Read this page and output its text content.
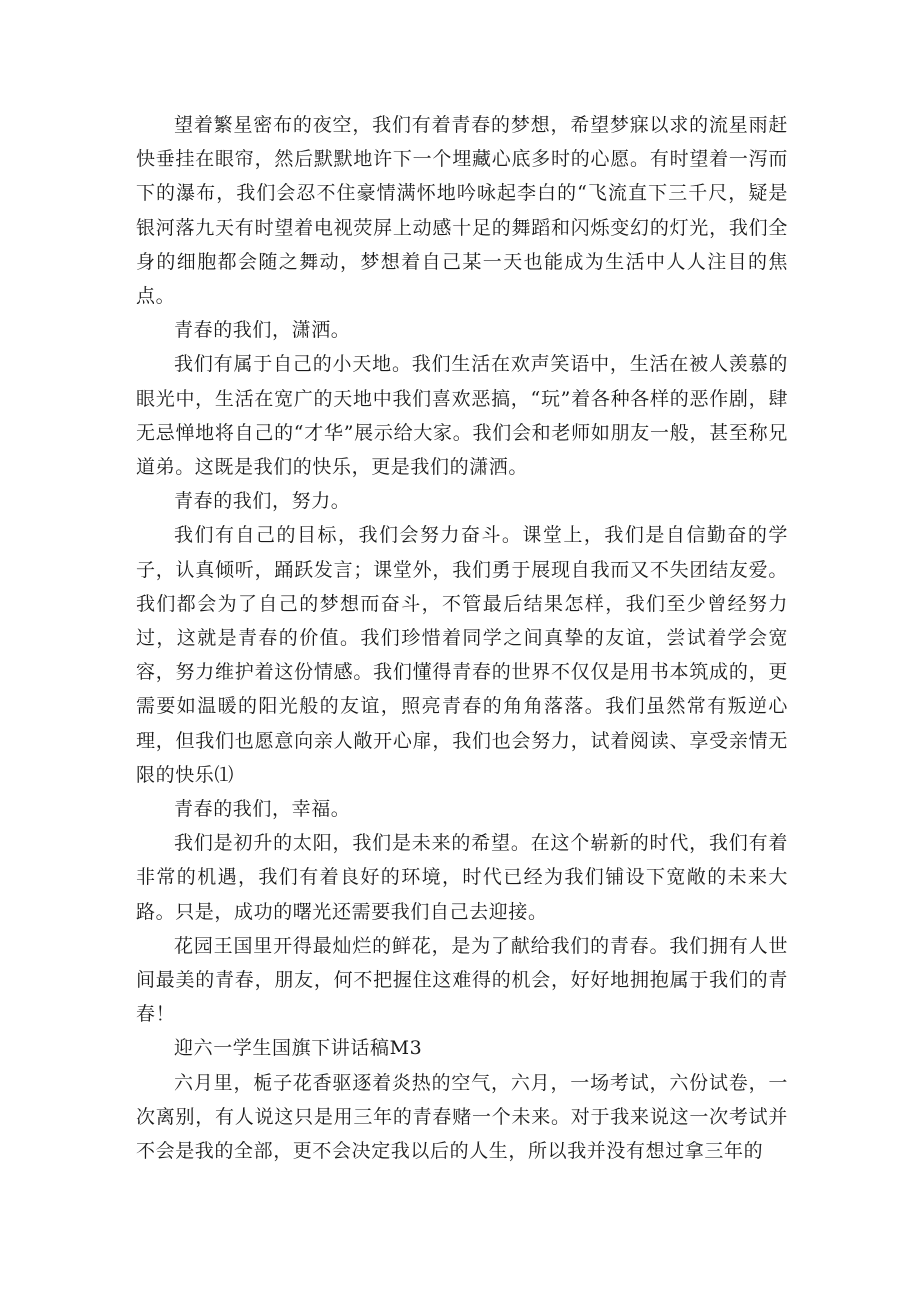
望着繁星密布的夜空，我们有着青春的梦想，希望梦寐以求的流星雨赶快垂挂在眼帘，然后默默地许下一个埋藏心底多时的心愿。有时望着一泻而下的瀑布，我们会忍不住豪情满怀地吟咏起李白的“飞流直下三千尺，疑是银河落九天有时望着电视荧屏上动感十足的舞蹈和闪烁变幻的灯光，我们全身的细胞都会随之舞动，梦想着自己某一天也能成为生活中人人注目的焦点。

青春的我们，潇洒。

我们有属于自己的小天地。我们生活在欢声笑语中，生活在被人羡慕的眼光中，生活在宽广的天地中我们喜欢恶搞，“玩”着各种各样的恶作剧，肆无忌惮地将自己的“才华”展示给大家。我们会和老师如朋友一般，甚至称兄道弟。这既是我们的快乐，更是我们的潇洒。

青春的我们，努力。

我们有自己的目标，我们会努力奋斗。课堂上，我们是自信勤奋的学子，认真倾听，踊跃发言；课堂外，我们勇于展现自我而又不失团结友爱。我们都会为了自己的梦想而奋斗，不管最后结果怎样，我们至少曾经努力过，这就是青春的价值。我们珍惜着同学之间真挚的友谊，尝试着学会宽容，努力维护着这份情感。我们懂得青春的世界不仅仅是用书本筑成的，更需要如温暖的阳光般的友谊，照亮青春的角角落落。我们虽然常有叛逆心理，但我们也愿意向亲人敞开心扉，我们也会努力，试着阅读、享受亲情无限的快乐⑴

青春的我们，幸福。

我们是初升的太阳，我们是未来的希望。在这个崭新的时代，我们有着非常的机遇，我们有着良好的环境，时代已经为我们铺设下宽敞的未来大路。只是，成功的曙光还需要我们自己去迎接。

花园王国里开得最灿烂的鲜花，是为了献给我们的青春。我们拥有人世间最美的青春，朋友，何不把握住这难得的机会，好好地拥抱属于我们的青春！

迎六一学生国旗下讲话稿M3

六月里，栀子花香驱逐着炎热的空气，六月，一场考试，六份试卷，一次离别，有人说这只是用三年的青春赌一个未来。对于我来说这一次考试并不会是我的全部，更不会决定我以后的人生，所以我并没有想过拿三年的
